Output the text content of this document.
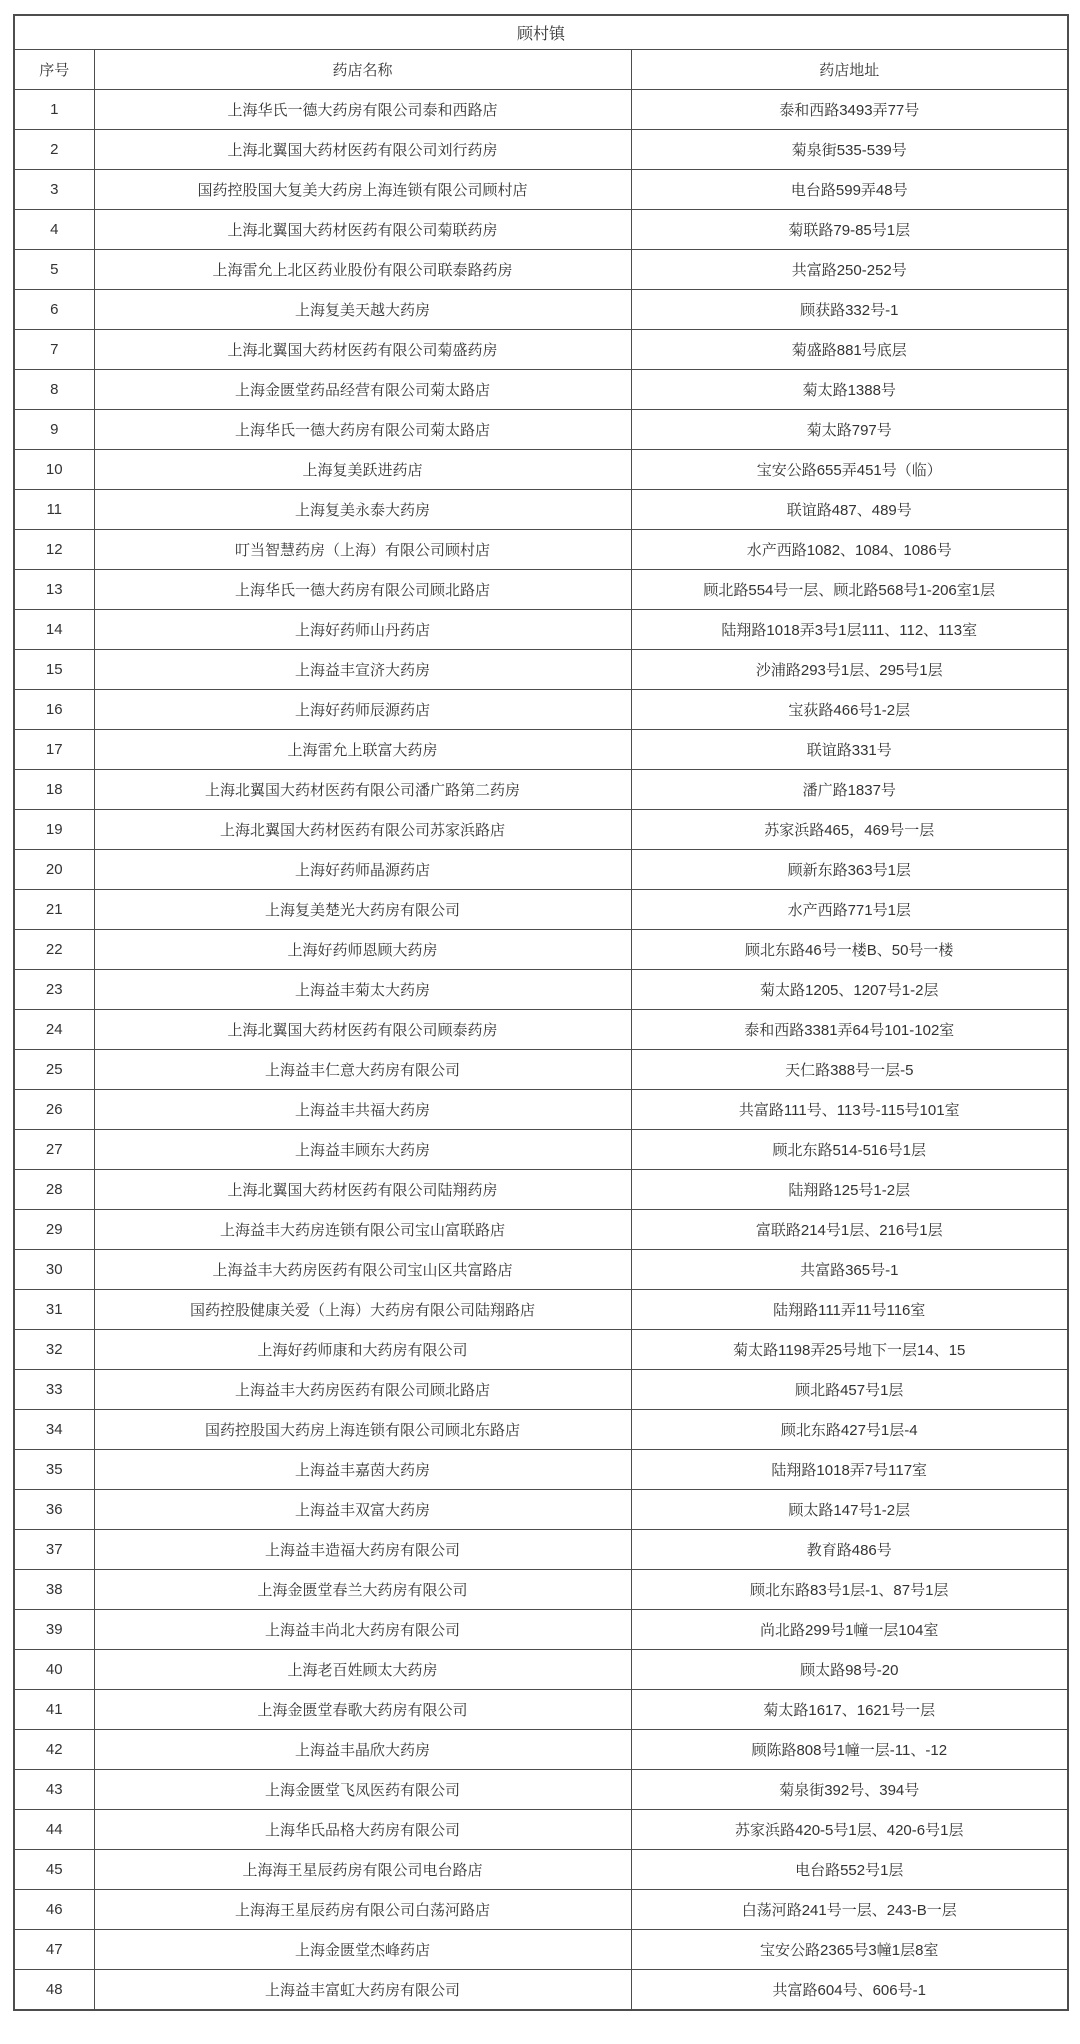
顾村镇		
序号	药店名称	药店地址
1	上海华氏一德大药房有限公司泰和西路店	泰和西路3493弄77号
2	上海北翼国大药材医药有限公司刘行药房	菊泉街535-539号
3	国药控股国大复美大药房上海连锁有限公司顾村店	电台路599弄48号
4	上海北翼国大药材医药有限公司菊联药房	菊联路79-85号1层
5	上海雷允上北区药业股份有限公司联泰路药房	共富路250-252号
6	上海复美天越大药房	顾获路332号-1
7	上海北翼国大药材医药有限公司菊盛药房	菊盛路881号底层
8	上海金匮堂药品经营有限公司菊太路店	菊太路1388号
9	上海华氏一德大药房有限公司菊太路店	菊太路797号
10	上海复美跃进药店	宝安公路655弄451号（临）
11	上海复美永泰大药房	联谊路487、489号
12	叮当智慧药房（上海）有限公司顾村店	水产西路1082、1084、1086号
13	上海华氏一德大药房有限公司顾北路店	顾北路554号一层、顾北路568号1-206室1层
14	上海好药师山丹药店	陆翔路1018弄3号1层111、112、113室
15	上海益丰宣济大药房	沙浦路293号1层、295号1层
16	上海好药师辰源药店	宝荻路466号1-2层
17	上海雷允上联富大药房	联谊路331号
18	上海北翼国大药材医药有限公司潘广路第二药房	潘广路1837号
19	上海北翼国大药材医药有限公司苏家浜路店	苏家浜路465，469号一层
20	上海好药师晶源药店	顾新东路363号1层
21	上海复美楚光大药房有限公司	水产西路771号1层
22	上海好药师恩顾大药房	顾北东路46号一楼B、50号一楼
23	上海益丰菊太大药房	菊太路1205、1207号1-2层
24	上海北翼国大药材医药有限公司顾泰药房	泰和西路3381弄64号101-102室
25	上海益丰仁意大药房有限公司	天仁路388号一层-5
26	上海益丰共福大药房	共富路111号、113号-115号101室
27	上海益丰顾东大药房	顾北东路514-516号1层
28	上海北翼国大药材医药有限公司陆翔药房	陆翔路125号1-2层
29	上海益丰大药房连锁有限公司宝山富联路店	富联路214号1层、216号1层
30	上海益丰大药房医药有限公司宝山区共富路店	共富路365号-1
31	国药控股健康关爱（上海）大药房有限公司陆翔路店	陆翔路111弄11号116室
32	上海好药师康和大药房有限公司	菊太路1198弄25号地下一层14、15
33	上海益丰大药房医药有限公司顾北路店	顾北路457号1层
34	国药控股国大药房上海连锁有限公司顾北东路店	顾北东路427号1层-4
35	上海益丰嘉茵大药房	陆翔路1018弄7号117室
36	上海益丰双富大药房	顾太路147号1-2层
37	上海益丰造福大药房有限公司	教育路486号
38	上海金匮堂春兰大药房有限公司	顾北东路83号1层-1、87号1层
39	上海益丰尚北大药房有限公司	尚北路299号1幢一层104室
40	上海老百姓顾太大药房	顾太路98号-20
41	上海金匮堂春歌大药房有限公司	菊太路1617、1621号一层
42	上海益丰晶欣大药房	顾陈路808号1幢一层-11、-12
43	上海金匮堂飞凤医药有限公司	菊泉街392号、394号
44	上海华氏品格大药房有限公司	苏家浜路420-5号1层、420-6号1层
45	上海海王星辰药房有限公司电台路店	电台路552号1层
46	上海海王星辰药房有限公司白荡河路店	白荡河路241号一层、243-B一层
47	上海金匮堂杰峰药店	宝安公路2365号3幢1层8室
48	上海益丰富虹大药房有限公司	共富路604号、606号-1
